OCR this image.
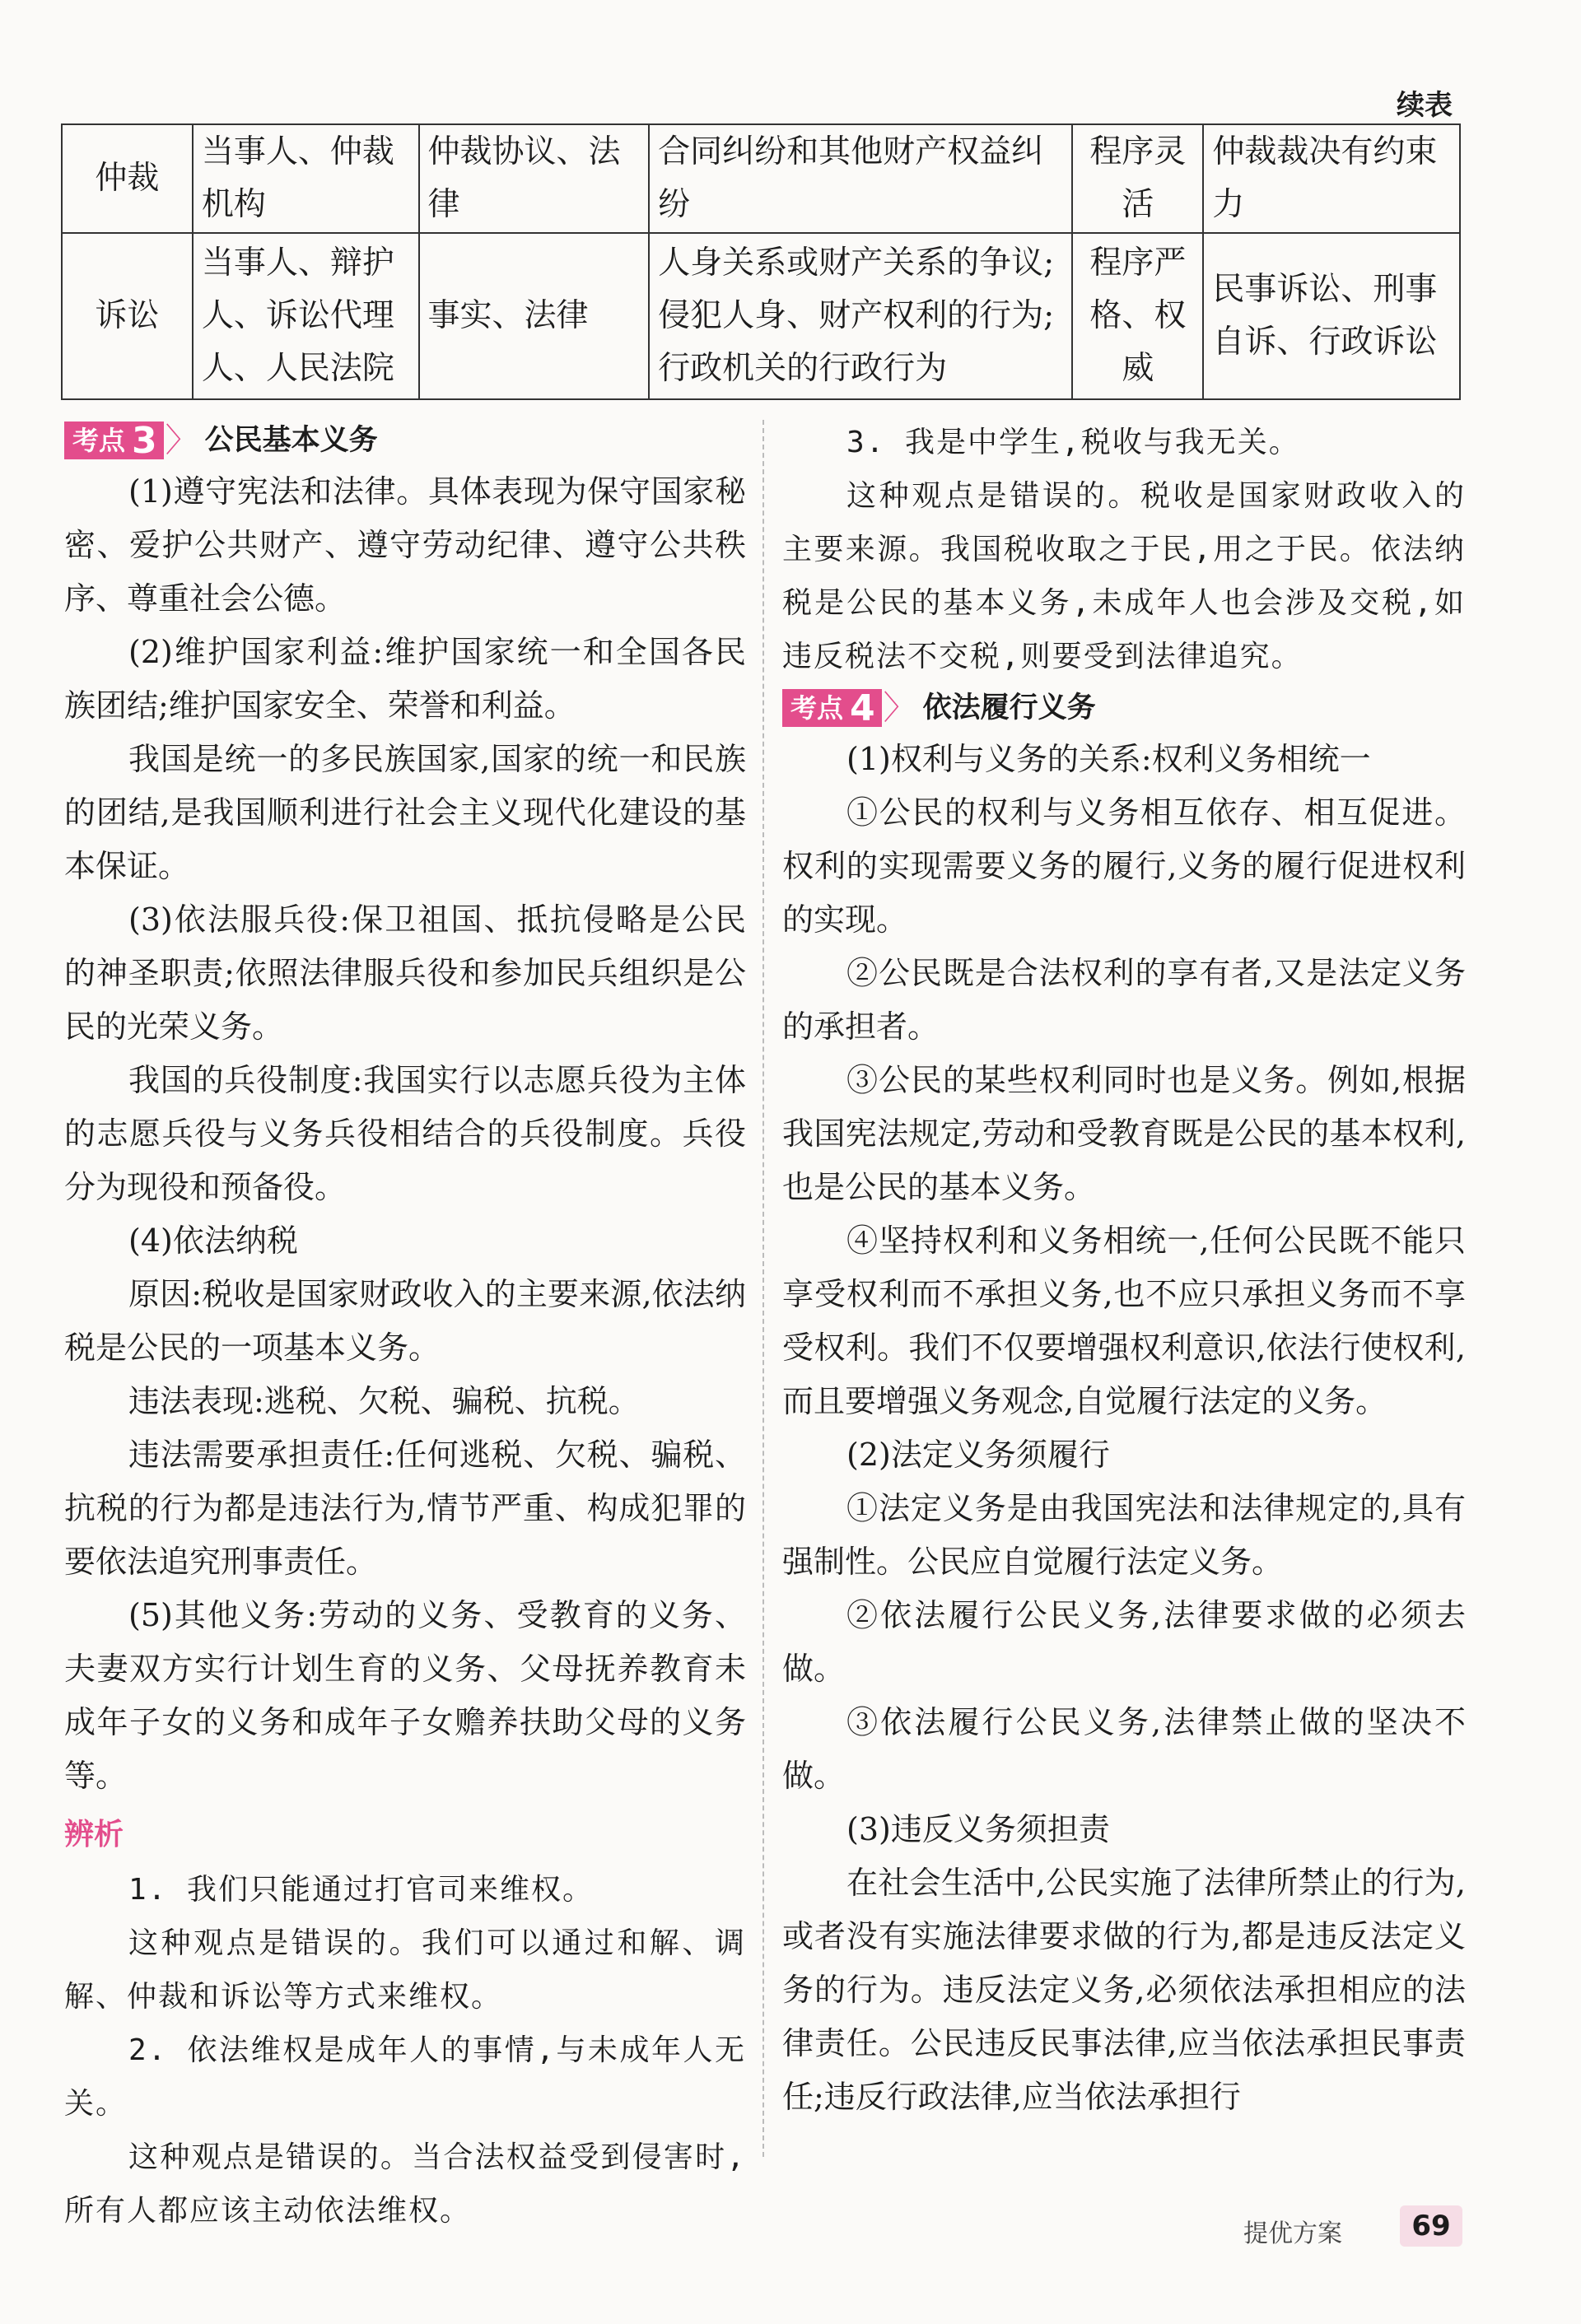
续表
仲裁	当事人、仲裁机构	仲裁协议、法律	合同纠纷和其他财产权益纠纷	程序灵活	仲裁裁决有约束力
诉讼	当事人、辩护人、诉讼代理人、人民法院	事实、法律	人身关系或财产关系的争议;侵犯人身、财产权利的行为;行政机关的行政行为	程序严格、权威	民事诉讼、刑事自诉、行政诉讼
考点 3 〉 公民基本义务

(1)遵守宪法和法律。具体表现为保守国家秘密、爱护公共财产、遵守劳动纪律、遵守公共秩序、尊重社会公德。

(2)维护国家利益:维护国家统一和全国各民族团结;维护国家安全、荣誉和利益。

我国是统一的多民族国家,国家的统一和民族的团结,是我国顺利进行社会主义现代化建设的基本保证。

(3)依法服兵役:保卫祖国、抵抗侵略是公民的神圣职责;依照法律服兵役和参加民兵组织是公民的光荣义务。

我国的兵役制度:我国实行以志愿兵役为主体的志愿兵役与义务兵役相结合的兵役制度。兵役分为现役和预备役。

(4)依法纳税

原因:税收是国家财政收入的主要来源,依法纳税是公民的一项基本义务。

违法表现:逃税、欠税、骗税、抗税。

违法需要承担责任:任何逃税、欠税、骗税、抗税的行为都是违法行为,情节严重、构成犯罪的要依法追究刑事责任。

(5)其他义务:劳动的义务、受教育的义务、夫妻双方实行计划生育的义务、父母抚养教育未成年子女的义务和成年子女赡养扶助父母的义务等。

辨析

1. 我们只能通过打官司来维权。

这种观点是错误的。我们可以通过和解、调解、仲裁和诉讼等方式来维权。

2. 依法维权是成年人的事情,与未成年人无关。

这种观点是错误的。当合法权益受到侵害时,所有人都应该主动依法维权。

3. 我是中学生,税收与我无关。

这种观点是错误的。税收是国家财政收入的主要来源。我国税收取之于民,用之于民。依法纳税是公民的基本义务,未成年人也会涉及交税,如违反税法不交税,则要受到法律追究。

考点 4 〉 依法履行义务

(1)权利与义务的关系:权利义务相统一

①公民的权利与义务相互依存、相互促进。权利的实现需要义务的履行,义务的履行促进权利的实现。

②公民既是合法权利的享有者,又是法定义务的承担者。

③公民的某些权利同时也是义务。例如,根据我国宪法规定,劳动和受教育既是公民的基本权利,也是公民的基本义务。

④坚持权利和义务相统一,任何公民既不能只享受权利而不承担义务,也不应只承担义务而不享受权利。我们不仅要增强权利意识,依法行使权利,而且要增强义务观念,自觉履行法定的义务。

(2)法定义务须履行

①法定义务是由我国宪法和法律规定的,具有强制性。公民应自觉履行法定义务。

②依法履行公民义务,法律要求做的必须去做。

③依法履行公民义务,法律禁止做的坚决不做。

(3)违反义务须担责

在社会生活中,公民实施了法律所禁止的行为,或者没有实施法律要求做的行为,都是违反法定义务的行为。违反法定义务,必须依法承担相应的法律责任。公民违反民事法律,应当依法承担民事责任;违反行政法律,应当依法承担行

提优方案	69
